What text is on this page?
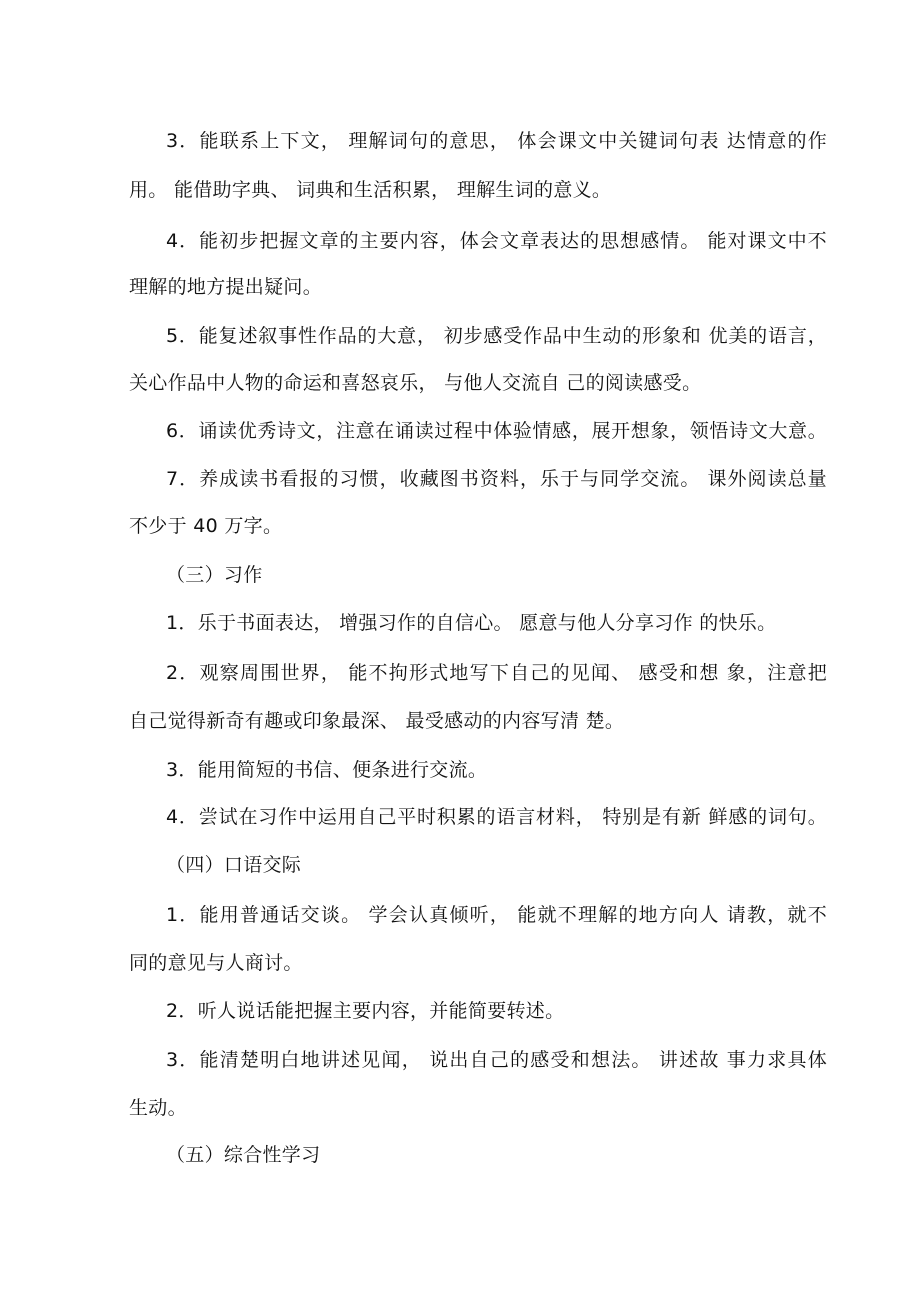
3．能联系上下文， 理解词句的意思， 体会课文中关键词句表 达情意的作
用。 能借助字典、 词典和生活积累， 理解生词的意义。
4．能初步把握文章的主要内容，体会文章表达的思想感情。 能对课文中不
理解的地方提出疑问。
5．能复述叙事性作品的大意， 初步感受作品中生动的形象和 优美的语言，
关心作品中人物的命运和喜怒哀乐， 与他人交流自 己的阅读感受。
6．诵读优秀诗文，注意在诵读过程中体验情感，展开想象，领悟诗文大意。
7．养成读书看报的习惯，收藏图书资料，乐于与同学交流。 课外阅读总量
不少于 40 万字。
（三）习作
1．乐于书面表达， 增强习作的自信心。 愿意与他人分享习作 的快乐。
2．观察周围世界， 能不拘形式地写下自己的见闻、 感受和想 象，注意把
自己觉得新奇有趣或印象最深、 最受感动的内容写清 楚。
3．能用简短的书信、便条进行交流。
4．尝试在习作中运用自己平时积累的语言材料， 特别是有新 鲜感的词句。
（四）口语交际
1．能用普通话交谈。 学会认真倾听， 能就不理解的地方向人 请教，就不
同的意见与人商讨。
2．听人说话能把握主要内容，并能简要转述。
3．能清楚明白地讲述见闻， 说出自己的感受和想法。 讲述故 事力求具体
生动。
（五）综合性学习
